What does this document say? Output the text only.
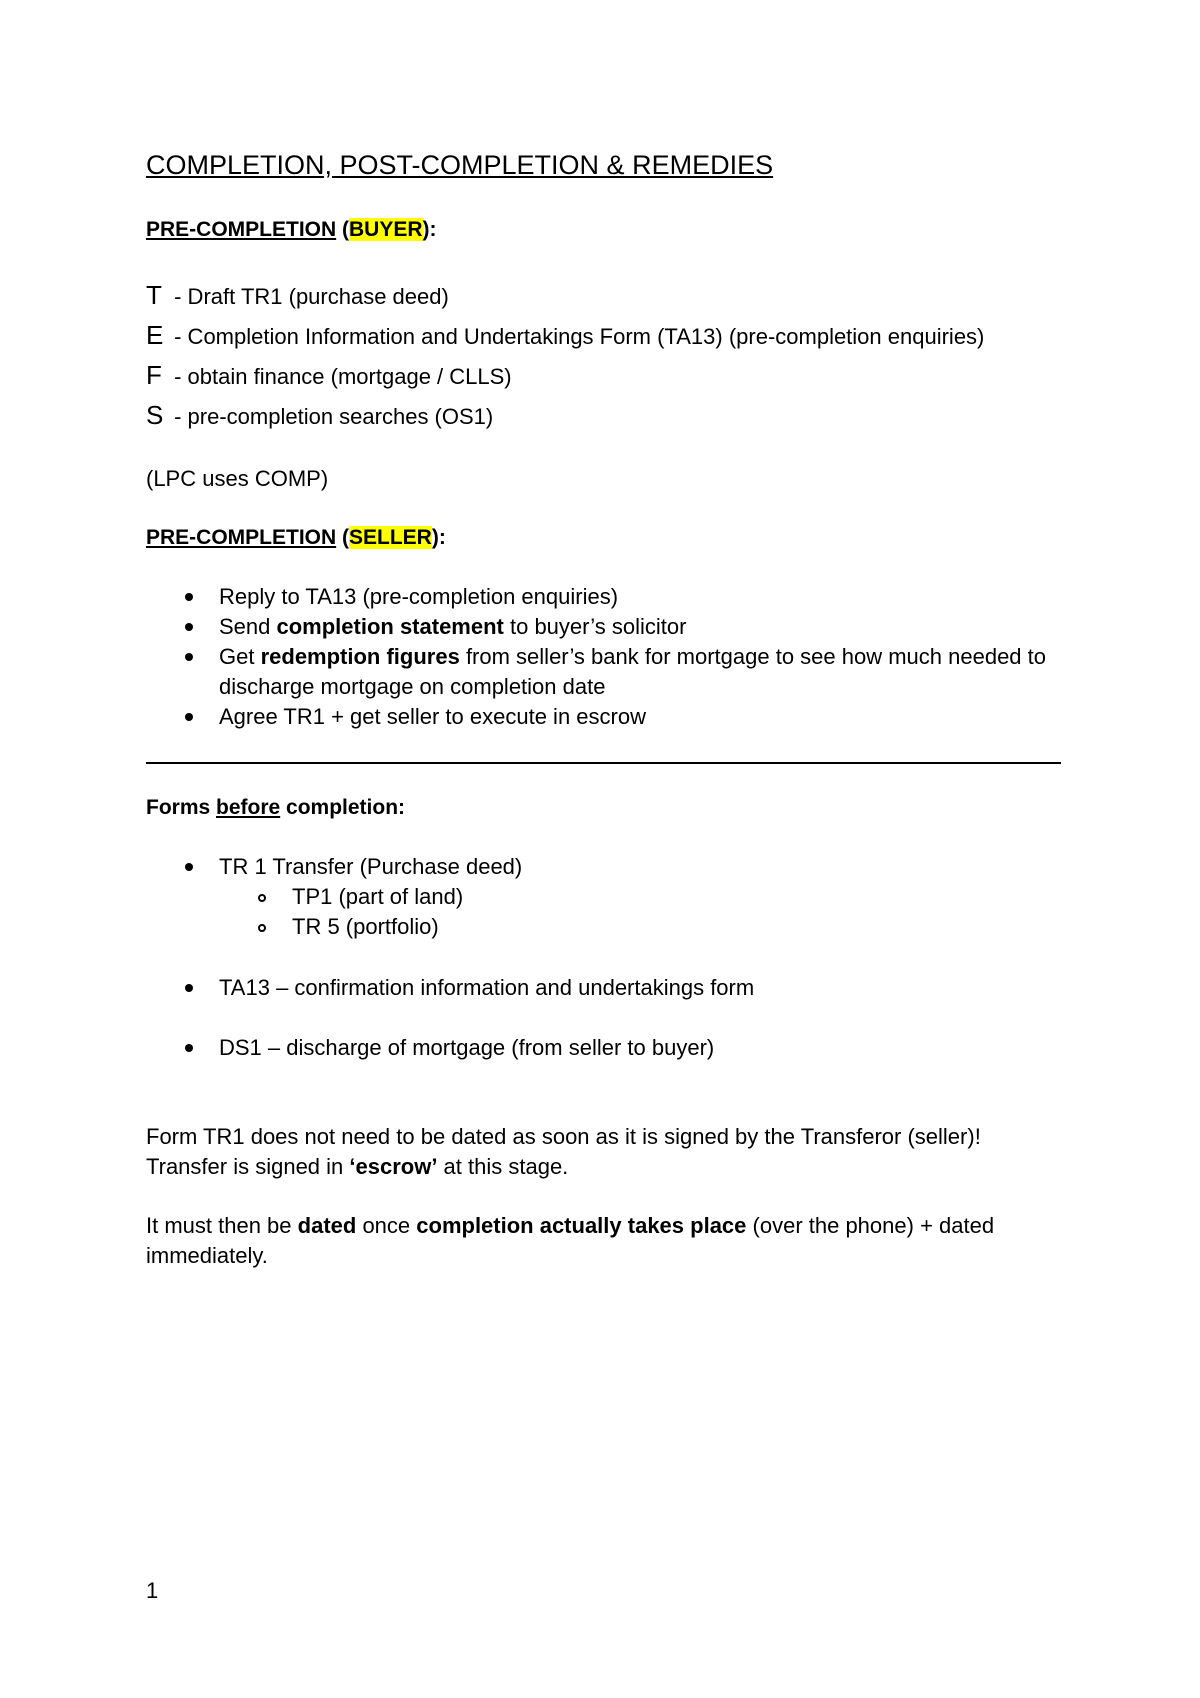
COMPLETION, POST-COMPLETION & REMEDIES
PRE-COMPLETION (BUYER):
T - Draft TR1 (purchase deed)
E - Completion Information and Undertakings Form (TA13) (pre-completion enquiries)
F - obtain finance (mortgage / CLLS)
S - pre-completion searches (OS1)
(LPC uses COMP)
PRE-COMPLETION (SELLER):
Reply to TA13 (pre-completion enquiries)
Send completion statement to buyer’s solicitor
Get redemption figures from seller’s bank for mortgage to see how much needed to
discharge mortgage on completion date
Agree TR1 + get seller to execute in escrow
Forms before completion:
TR 1 Transfer (Purchase deed)
TP1 (part of land)
TR 5 (portfolio)
TA13 – confirmation information and undertakings form
DS1 – discharge of mortgage (from seller to buyer)
Form TR1 does not need to be dated as soon as it is signed by the Transferor (seller)!
Transfer is signed in ‘escrow’ at this stage.
It must then be dated once completion actually takes place (over the phone) + dated
immediately.
1
